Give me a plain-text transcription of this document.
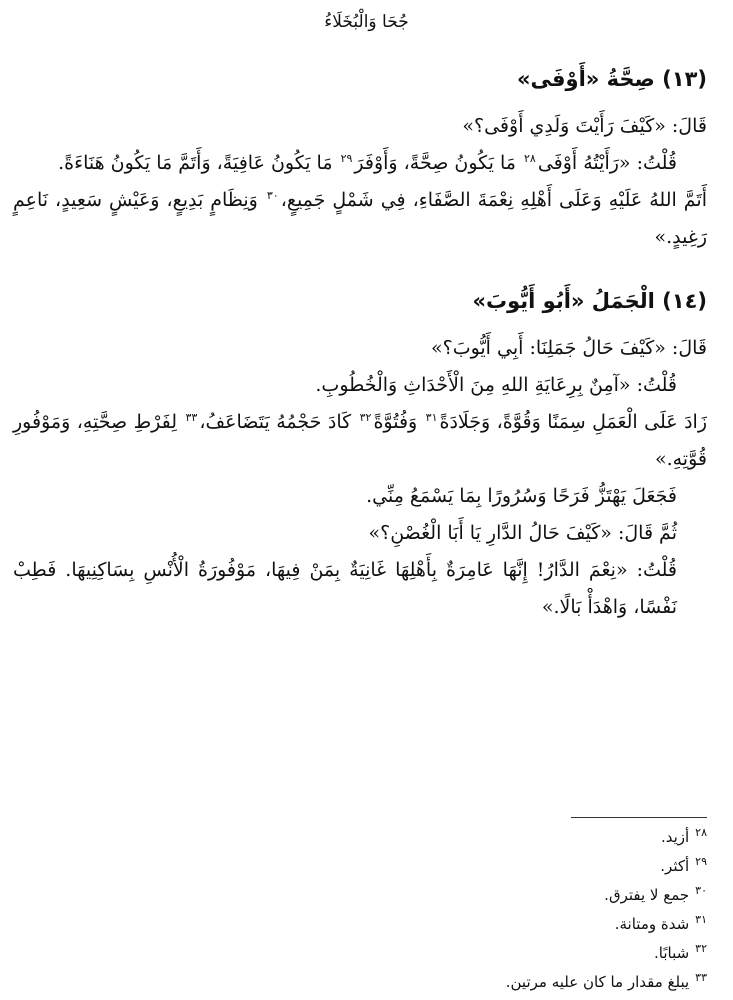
جُحَا وَالْبُخَلَاءُ
(١٣) صِحَّةُ «أَوْفَى»

قَالَ: «كَيْفَ رَأَيْتَ وَلَدِي أَوْفَى؟»

قُلْتُ: «رَأَيْتُهُ أَوْفَى$^{٢٨}$ مَا يَكُونُ صِحَّةً، وَأَوْفَرَ$^{٢٩}$ مَا يَكُونُ عَافِيَةً، وَأَتَمَّ مَا يَكُونُ هَنَاءَةً.

أَتَمَّ اللهُ عَلَيْهِ وَعَلَى أَهْلِهِ نِعْمَةَ الصَّفَاءِ، فِي شَمْلٍ جَمِيعٍ،$^{٣٠}$ وَنِظَامٍ بَدِيعٍ، وَعَيْشٍ سَعِيدٍ، نَاعِمٍ رَغِيدٍ.»

(١٤) الْجَمَلُ «أَبُو أَيُّوبَ»

قَالَ: «كَيْفَ حَالُ جَمَلِنَا: أَبِي أَيُّوبَ؟»

قُلْتُ: «آمِنٌ بِرِعَايَةِ اللهِ مِنَ الْأَحْدَاثِ وَالْخُطُوبِ.

زَادَ عَلَى الْعَمَلِ سِمَنًا وَقُوَّةً، وَجَلَادَةً$^{٣١}$ وَفُتُوَّةً$^{٣٢}$ كَادَ حَجْمُهُ يَتَضَاعَفُ،$^{٣٣}$ لِفَرْطِ صِحَّتِهِ، وَمَوْفُورِ قُوَّتِهِ.»

فَجَعَلَ يَهْتَزُّ فَرَحًا وَسُرُورًا بِمَا يَسْمَعُ مِنِّي.

ثُمَّ قَالَ: «كَيْفَ حَالُ الدَّارِ يَا أَبَا الْغُصْنِ؟»

قُلْتُ: «نِعْمَ الدَّارُ! إِنَّهَا عَامِرَةٌ بِأَهْلِهَا غَانِيَةٌ بِمَنْ فِيهَا، مَوْفُورَةُ الْأُنْسِ بِسَاكِنِيهَا. فَطِبْ نَفْسًا، وَاهْدَأْ بَالًا.»

$^{٢٨}$أزيد.
$^{٢٩}$أكثر.
$^{٣٠}$جمع لا يفترق.
$^{٣١}$شدة ومتانة.
$^{٣٢}$شبابًا.
$^{٣٣}$يبلغ مقدار ما كان عليه مرتين.
